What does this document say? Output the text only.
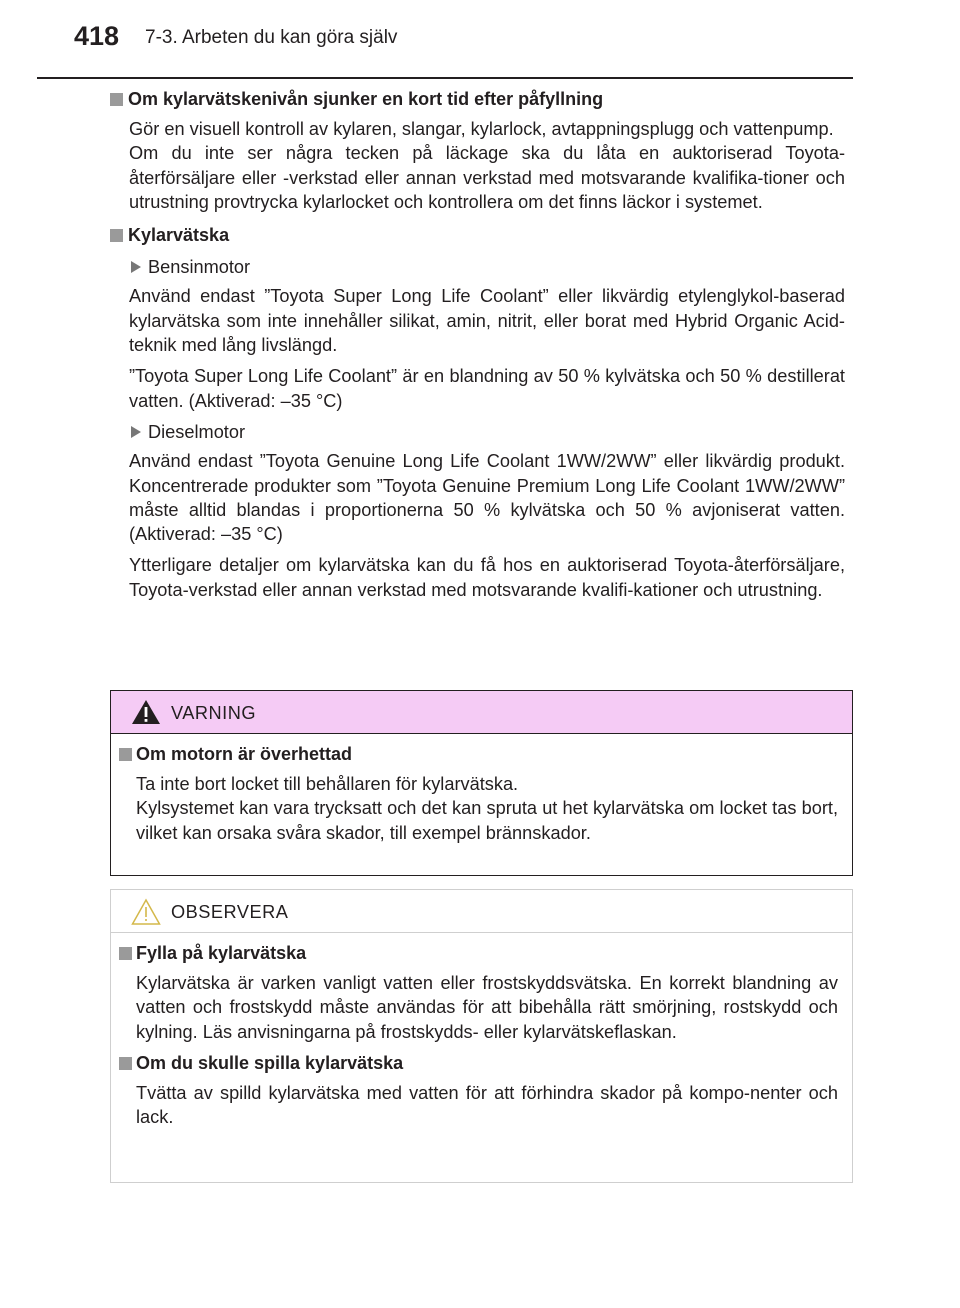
418 7-3. Arbeten du kan göra själv
Om kylarvätskenivån sjunker en kort tid efter påfyllning

Gör en visuell kontroll av kylaren, slangar, kylarlock, avtappningsplugg och vattenpump.
Om du inte ser några tecken på läckage ska du låta en auktoriserad Toyota-återförsäljare eller -verkstad eller annan verkstad med motsvarande kvalifika-tioner och utrustning provtrycka kylarlocket och kontrollera om det finns läckor i systemet.

Kylarvätska
Bensinmotor

Använd endast ”Toyota Super Long Life Coolant” eller likvärdig etylenglykol-baserad kylarvätska som inte innehåller silikat, amin, nitrit, eller borat med Hybrid Organic Acid-teknik med lång livslängd.

”Toyota Super Long Life Coolant” är en blandning av 50 % kylvätska och 50 % destillerat vatten. (Aktiverad: –35 °C)

Dieselmotor

Använd endast ”Toyota Genuine Long Life Coolant 1WW/2WW” eller likvärdig produkt. Koncentrerade produkter som ”Toyota Genuine Premium Long Life Coolant 1WW/2WW” måste alltid blandas i proportionerna 50 % kylvätska och 50 % avjoniserat vatten. (Aktiverad: –35 °C)

Ytterligare detaljer om kylarvätska kan du få hos en auktoriserad Toyota-återförsäljare, Toyota-verkstad eller annan verkstad med motsvarande kvalifi-kationer och utrustning.

VARNING
Om motorn är överhettad

Ta inte bort locket till behållaren för kylarvätska.
Kylsystemet kan vara trycksatt och det kan spruta ut het kylarvätska om locket tas bort, vilket kan orsaka svåra skador, till exempel brännskador.

OBSERVERA
Fylla på kylarvätska

Kylarvätska är varken vanligt vatten eller frostskyddsvätska. En korrekt blandning av vatten och frostskydd måste användas för att bibehålla rätt smörjning, rostskydd och kylning. Läs anvisningarna på frostskydds- eller kylarvätskeflaskan.

Om du skulle spilla kylarvätska

Tvätta av spilld kylarvätska med vatten för att förhindra skador på kompo-nenter och lack.
